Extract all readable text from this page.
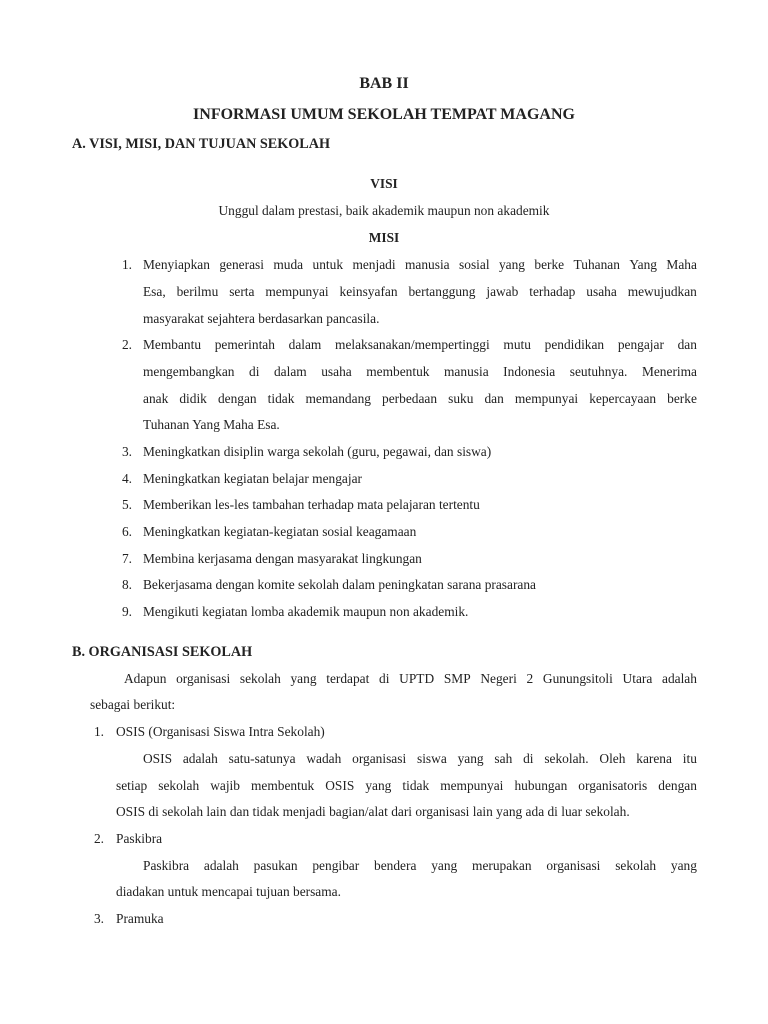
BAB II
INFORMASI UMUM SEKOLAH TEMPAT MAGANG
A. VISI, MISI, DAN TUJUAN SEKOLAH
VISI
Unggul dalam prestasi, baik akademik maupun non akademik
MISI
1. Menyiapkan generasi muda untuk menjadi manusia sosial yang berke Tuhanan Yang Maha
Esa, berilmu serta mempunyai keinsyafan bertanggung jawab terhadap usaha mewujudkan
masyarakat sejahtera berdasarkan pancasila.
2. Membantu pemerintah dalam melaksanakan/mempertinggi mutu pendidikan pengajar dan
mengembangkan di dalam usaha membentuk manusia Indonesia seutuhnya. Menerima
anak didik dengan tidak memandang perbedaan suku dan mempunyai kepercayaan berke
Tuhanan Yang Maha Esa.
3. Meningkatkan disiplin warga sekolah (guru, pegawai, dan siswa)
4. Meningkatkan kegiatan belajar mengajar
5. Memberikan les-les tambahan terhadap mata pelajaran tertentu
6. Meningkatkan kegiatan-kegiatan sosial keagamaan
7. Membina kerjasama dengan masyarakat lingkungan
8. Bekerjasama dengan komite sekolah dalam peningkatan sarana prasarana
9. Mengikuti kegiatan lomba akademik maupun non akademik.
B. ORGANISASI SEKOLAH
Adapun organisasi sekolah yang terdapat di UPTD SMP Negeri 2 Gunungsitoli Utara adalah
sebagai berikut:
1. OSIS (Organisasi Siswa Intra Sekolah)
OSIS adalah satu-satunya wadah organisasi siswa yang sah di sekolah. Oleh karena itu
setiap sekolah wajib membentuk OSIS yang tidak mempunyai hubungan organisatoris dengan
OSIS di sekolah lain dan tidak menjadi bagian/alat dari organisasi lain yang ada di luar sekolah.
2. Paskibra
Paskibra adalah pasukan pengibar bendera yang merupakan organisasi sekolah yang
diadakan untuk mencapai tujuan bersama.
3. Pramuka
